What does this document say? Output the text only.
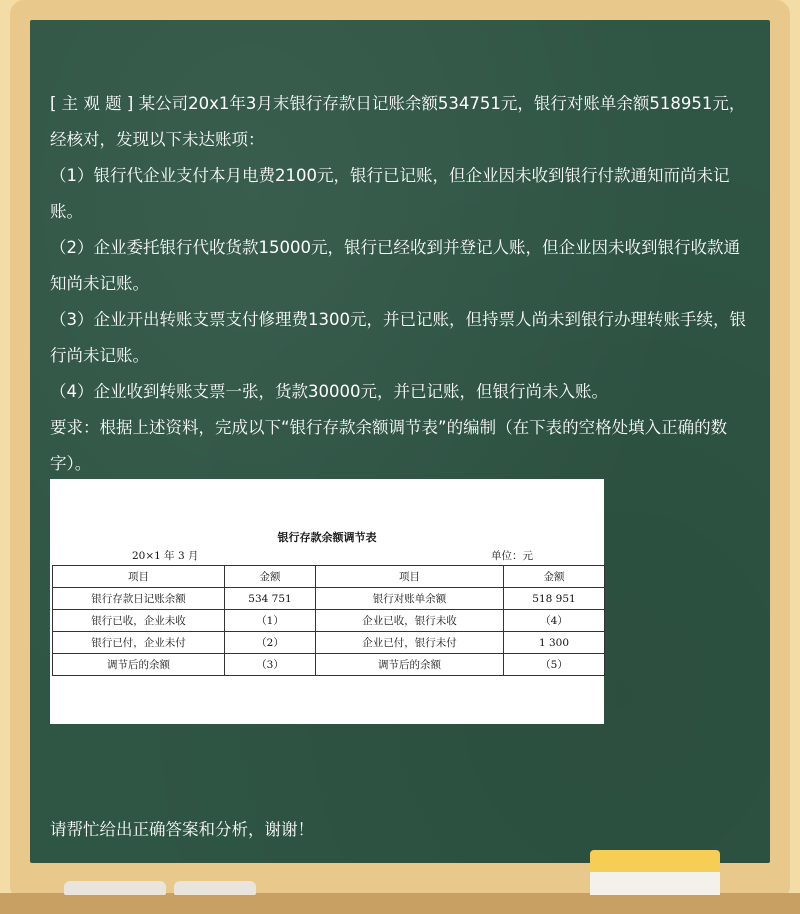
[ 主 观 题 ] 某公司20x1年3月末银行存款日记账余额534751元，银行对账单余额518951元，经核对，发现以下未达账项：

（1）银行代企业支付本月电费2100元，银行已记账，但企业因未收到银行付款通知而尚未记账。

（2）企业委托银行代收货款15000元，银行已经收到并登记人账，但企业因未收到银行收款通知尚未记账。

（3）企业开出转账支票支付修理费1300元，并已记账，但持票人尚未到银行办理转账手续，银行尚未记账。

（4）企业收到转账支票一张，货款30000元，并已记账，但银行尚未入账。

要求：根据上述资料，完成以下“银行存款余额调节表”的编制（在下表的空格处填入正确的数字）。

银行存款余额调节表
20×1 年 3 月	单位：元
项目	金额	项目	金额
银行存款日记账余额	534 751	银行对账单余额	518 951
银行已收，企业未收	（1）	企业已收，银行未收	（4）
银行已付，企业未付	（2）	企业已付，银行未付	1 300
调节后的余额	（3）	调节后的余额	（5）
请帮忙给出正确答案和分析，谢谢！
